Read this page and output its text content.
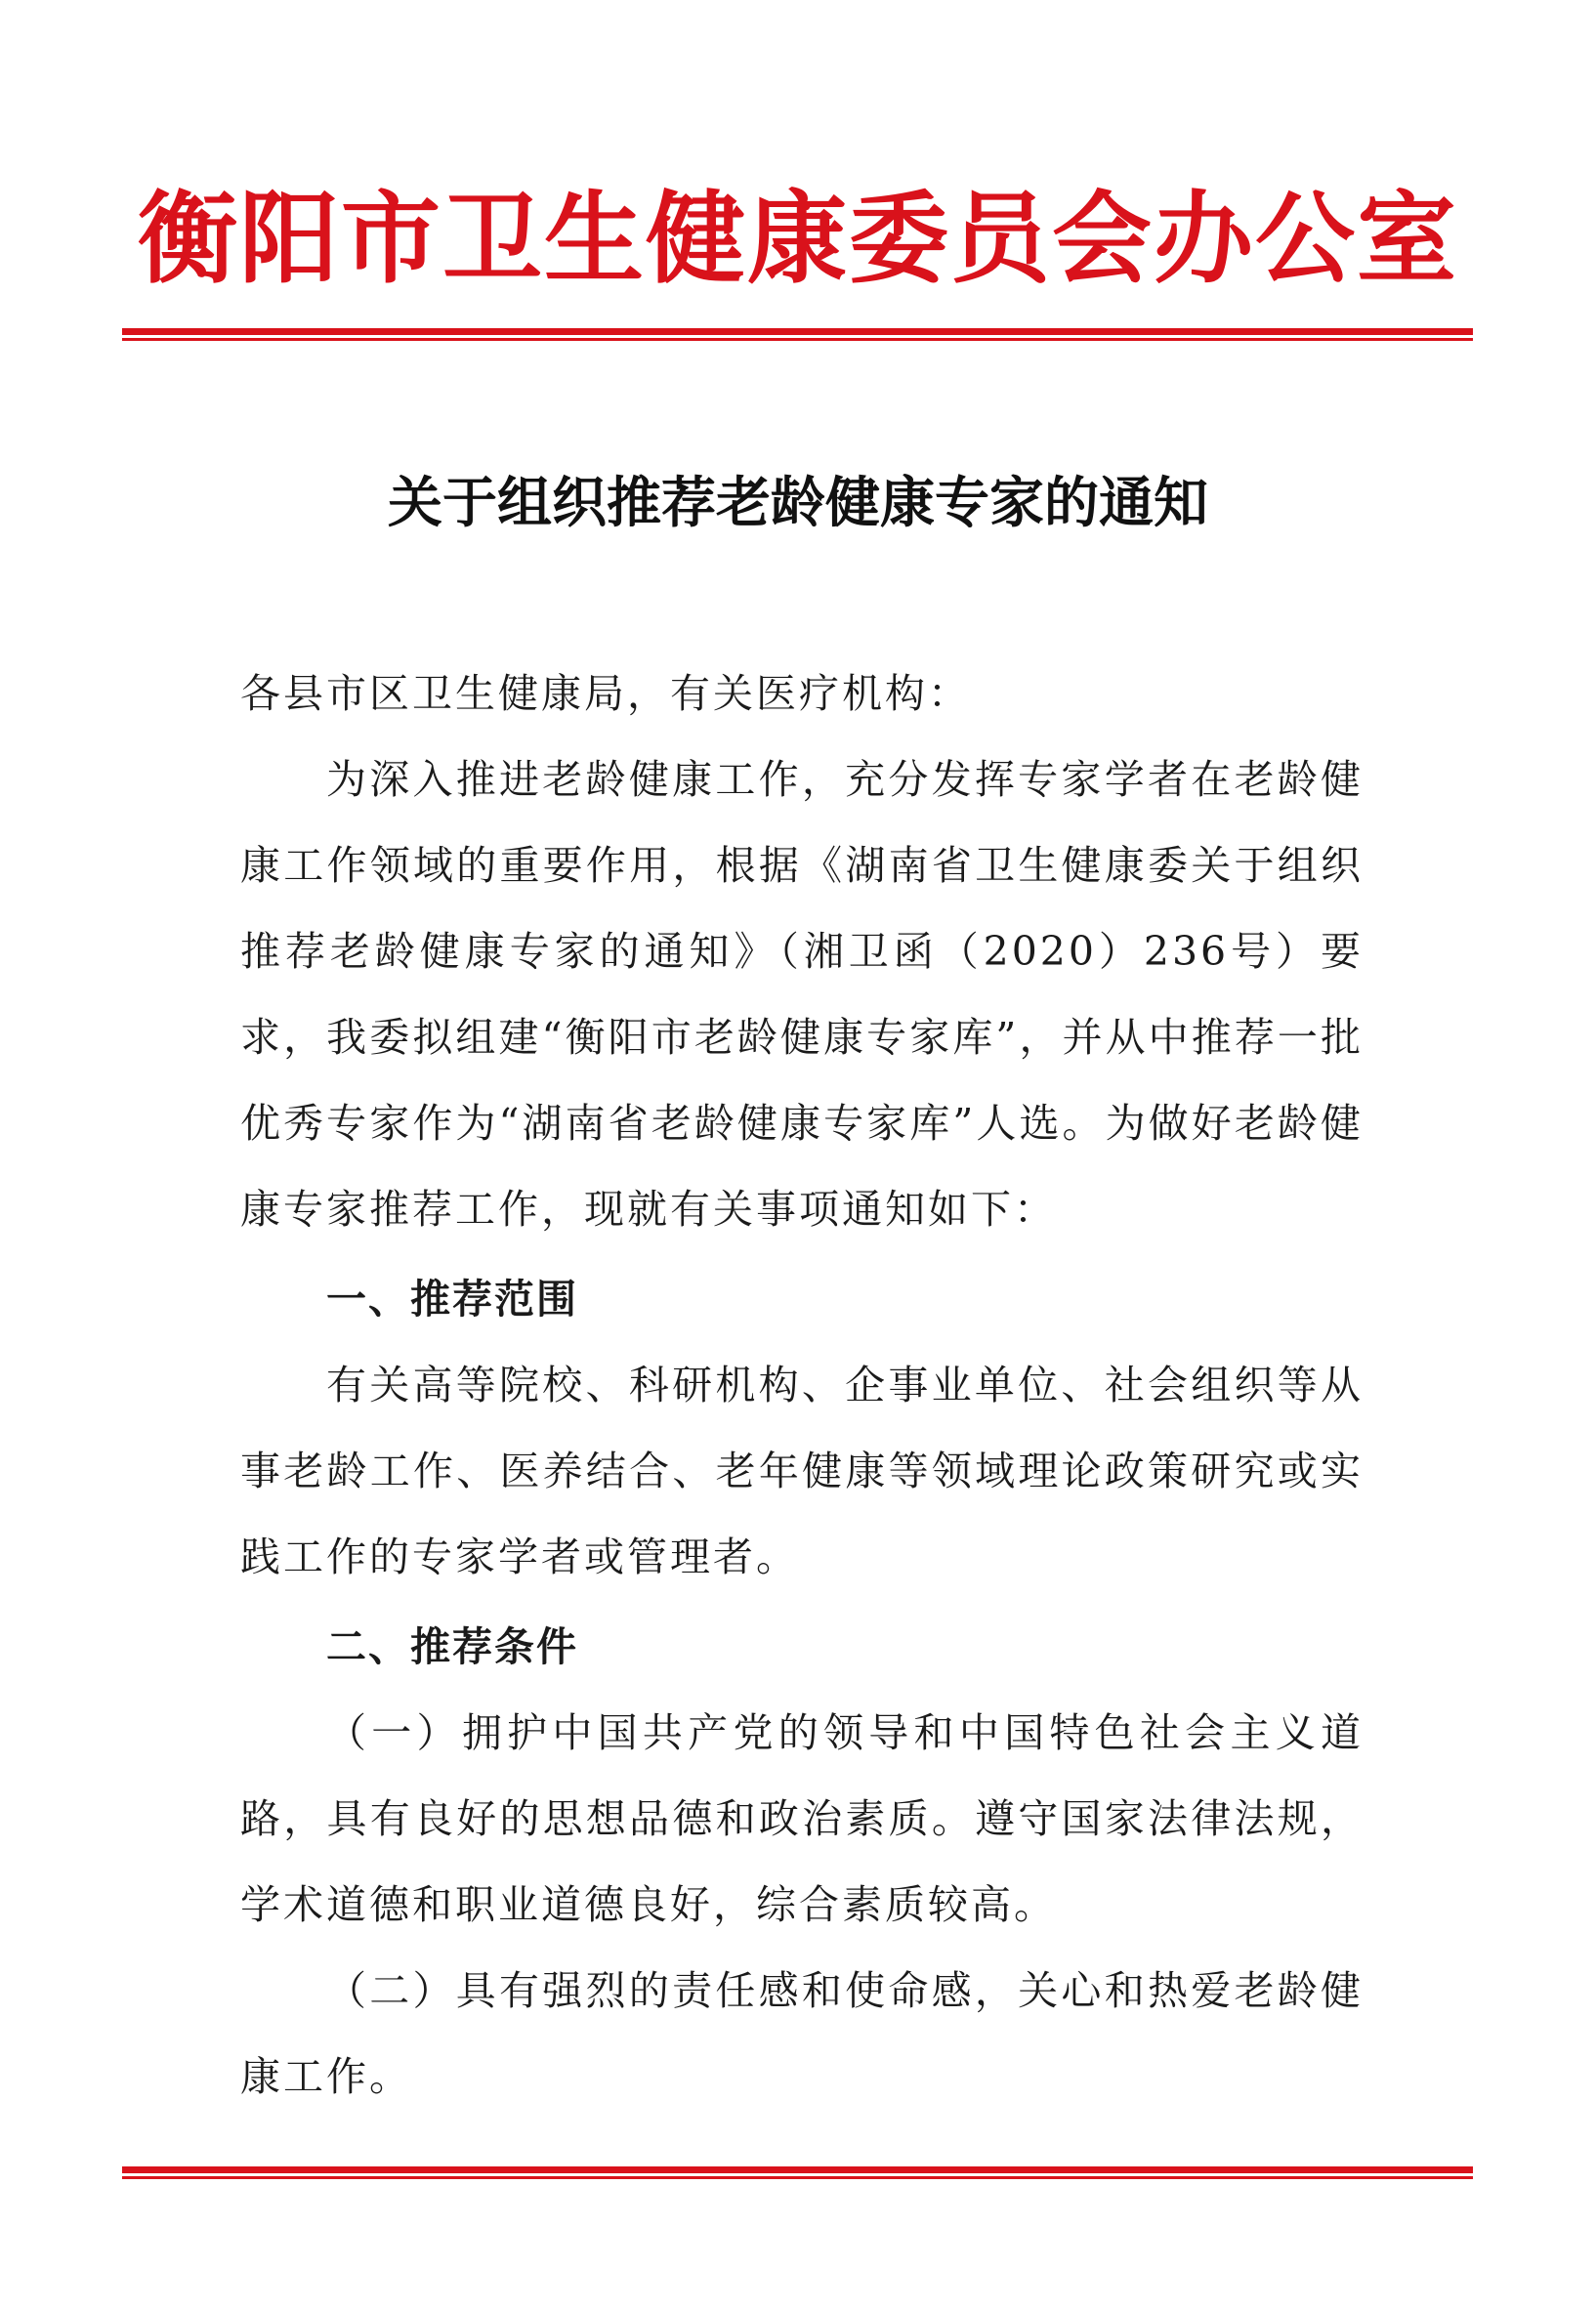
衡阳市卫生健康委员会办公室
关于组织推荐老龄健康专家的通知

各县市区卫生健康局，有关医疗机构：

为深入推进老龄健康工作，充分发挥专家学者在老龄健康工作领域的重要作用，根据《湖南省卫生健康委关于组织推荐老龄健康专家的通知》（湘卫函（2020）236号）要求，我委拟组建“衡阳市老龄健康专家库”，并从中推荐一批优秀专家作为“湖南省老龄健康专家库”人选。为做好老龄健康专家推荐工作，现就有关事项通知如下：

一、推荐范围

有关高等院校、科研机构、企事业单位、社会组织等从事老龄工作、医养结合、老年健康等领域理论政策研究或实践工作的专家学者或管理者。

二、推荐条件

（一）拥护中国共产党的领导和中国特色社会主义道路，具有良好的思想品德和政治素质。遵守国家法律法规，学术道德和职业道德良好，综合素质较高。

（二）具有强烈的责任感和使命感，关心和热爱老龄健康工作。
